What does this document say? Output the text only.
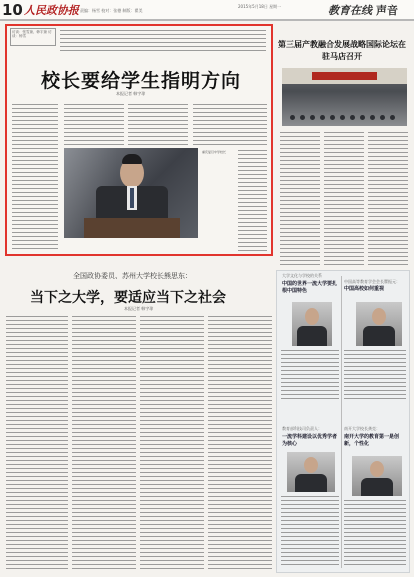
10 人民政协报 责编：杨雪 校对：张德 制版：翟美
2015年5月18日 星期一	教育在线 声音
访谈：张雪琼、韩宇琼 访谈：杨雪
校长要给学生指明方向
本报记者 韩宇琼
重庆复旦中学校长
全国政协委员、苏州大学校长熊思东：
当下之大学，要适应当下之社会
本报记者 韩宇琼
第三届产教融合发展战略国际论坛在驻马店召开
大学文化与学校的关系
中国的世界一流大学要扎根中国特色
中国高等教育学会会长瞿振元：
中国高校如何重视
教育部科技司负责人：
一流学科建设以优秀学者为核心
南开大学校长龚克：
南开大学的教育第一是创新，个性化
